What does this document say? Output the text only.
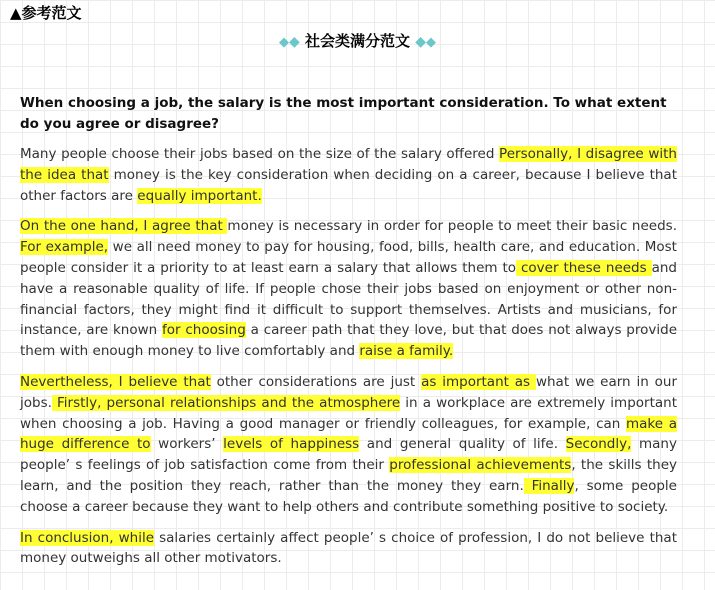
▲参考范文
◆◆ 社会类满分范文 ◆◆

When choosing a job, the salary is the most important consideration. To what extent do you agree or disagree?

Many people choose their jobs based on the size of the salary offered Personally, I disagree with the idea that money is the key consideration when deciding on a career, because I believe that other factors are equally important.

On the one hand, I agree that money is necessary in order for people to meet their basic needs. For example, we all need money to pay for housing, food, bills, health care, and education. Most people consider it a priority to at least earn a salary that allows them to cover these needs and have a reasonable quality of life. If people chose their jobs based on enjoyment or other non-financial factors, they might find it difficult to support themselves. Artists and musicians, for instance, are known for choosing a career path that they love, but that does not always provide them with enough money to live comfortably and raise a family.

Nevertheless, I believe that other considerations are just as important as what we earn in our jobs. Firstly, personal relationships and the atmosphere in a workplace are extremely important when choosing a job. Having a good manager or friendly colleagues, for example, can make a huge difference to workers’ levels of happiness and general quality of life. Secondly, many people’ s feelings of job satisfaction come from their professional achievements, the skills they learn, and the position they reach, rather than the money they earn. Finally, some people choose a career because they want to help others and contribute something positive to society.

In conclusion, while salaries certainly affect people’ s choice of profession, I do not believe that money outweighs all other motivators.
